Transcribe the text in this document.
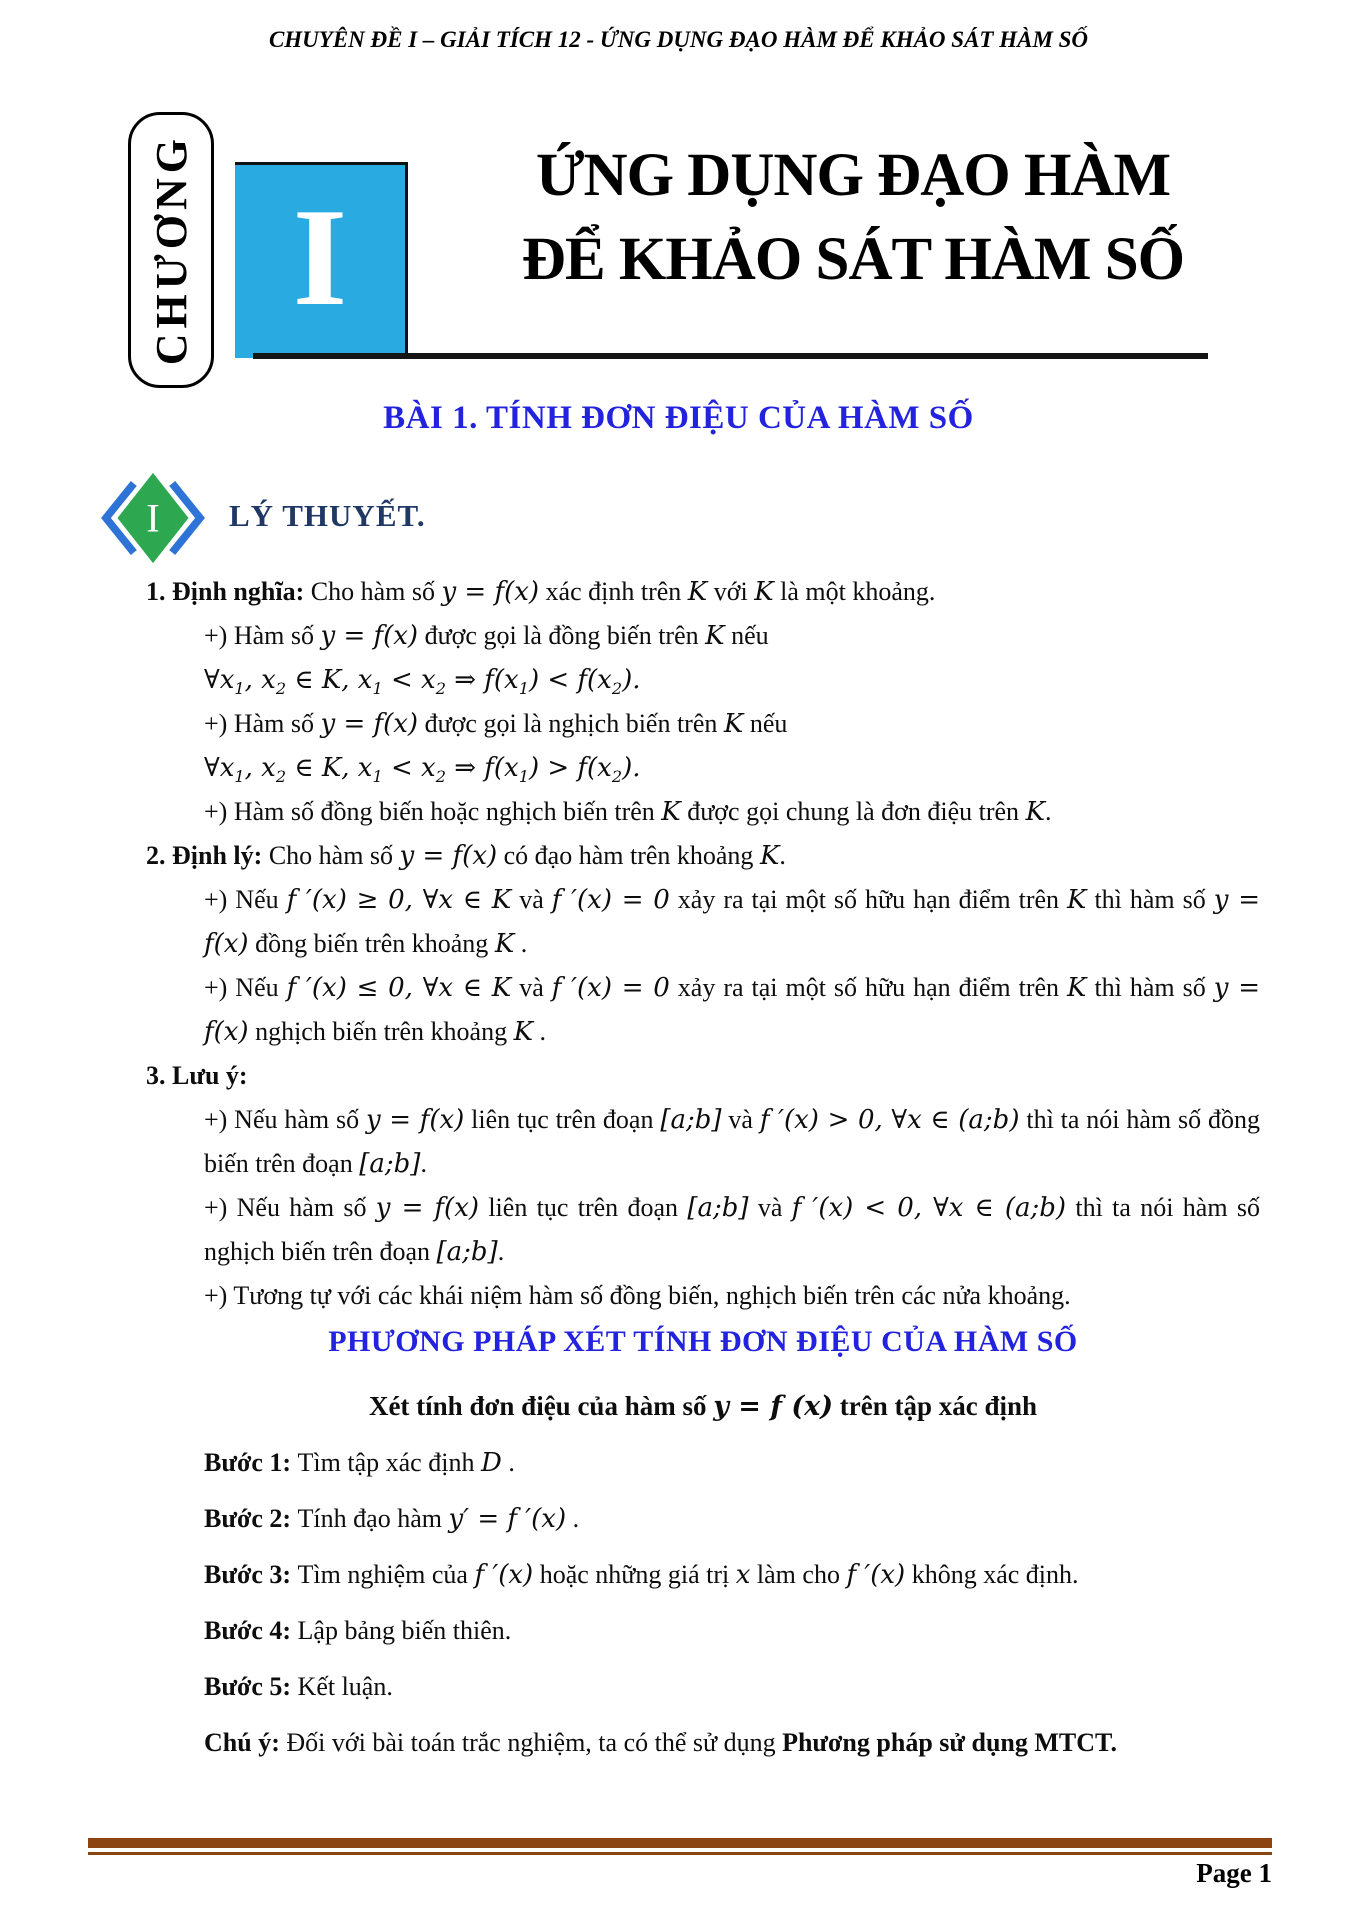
CHUYÊN ĐỀ I – GIẢI TÍCH 12 - ỨNG DỤNG ĐẠO HÀM ĐỂ KHẢO SÁT HÀM SỐ
CHƯƠNG I
ỨNG DỤNG ĐẠO HÀM
ĐỂ KHẢO SÁT HÀM SỐ
BÀI 1. TÍNH ĐƠN ĐIỆU CỦA HÀM SỐ
I LÝ THUYẾT.
1. Định nghĩa: Cho hàm số y = f(x) xác định trên K với K là một khoảng.
+) Hàm số y = f(x) được gọi là đồng biến trên K nếu
$\forall x_1$, $x_2$ ∈ K, $x_1 < x_2$ ⇒ $f(x_1) < f(x_2)$.
+) Hàm số y = f(x) được gọi là nghịch biến trên K nếu
$\forall x_1$, $x_2$ ∈ K, $x_1 < x_2$ ⇒ $f(x_1) > f(x_2)$.
+) Hàm số đồng biến hoặc nghịch biến trên K được gọi chung là đơn điệu trên K.
2. Định lý: Cho hàm số y = f(x) có đạo hàm trên khoảng K.
+) Nếu f ′(x) ≥ 0, ∀x ∈ K và f ′(x) = 0 xảy ra tại một số hữu hạn điểm trên K thì hàm số y = f(x) đồng biến trên khoảng K .
+) Nếu f ′(x) ≤ 0, ∀x ∈ K và f ′(x) = 0 xảy ra tại một số hữu hạn điểm trên K thì hàm số y = f(x) nghịch biến trên khoảng K .
3. Lưu ý:
+) Nếu hàm số y = f(x) liên tục trên đoạn [a;b] và f ′(x) > 0, ∀x ∈ (a;b) thì ta nói hàm số đồng biến trên đoạn [a;b].
+) Nếu hàm số y = f(x) liên tục trên đoạn [a;b] và f ′(x) < 0, ∀x ∈ (a;b) thì ta nói hàm số nghịch biến trên đoạn [a;b].
+) Tương tự với các khái niệm hàm số đồng biến, nghịch biến trên các nửa khoảng.
PHƯƠNG PHÁP XÉT TÍNH ĐƠN ĐIỆU CỦA HÀM SỐ
Xét tính đơn điệu của hàm số y = f (x) trên tập xác định
Bước 1: Tìm tập xác định D .
Bước 2: Tính đạo hàm y′ = f ′(x) .
Bước 3: Tìm nghiệm của f ′(x) hoặc những giá trị x làm cho f ′(x) không xác định.
Bước 4: Lập bảng biến thiên.
Bước 5: Kết luận.
Chú ý: Đối với bài toán trắc nghiệm, ta có thể sử dụng Phương pháp sử dụng MTCT.
Page 1
